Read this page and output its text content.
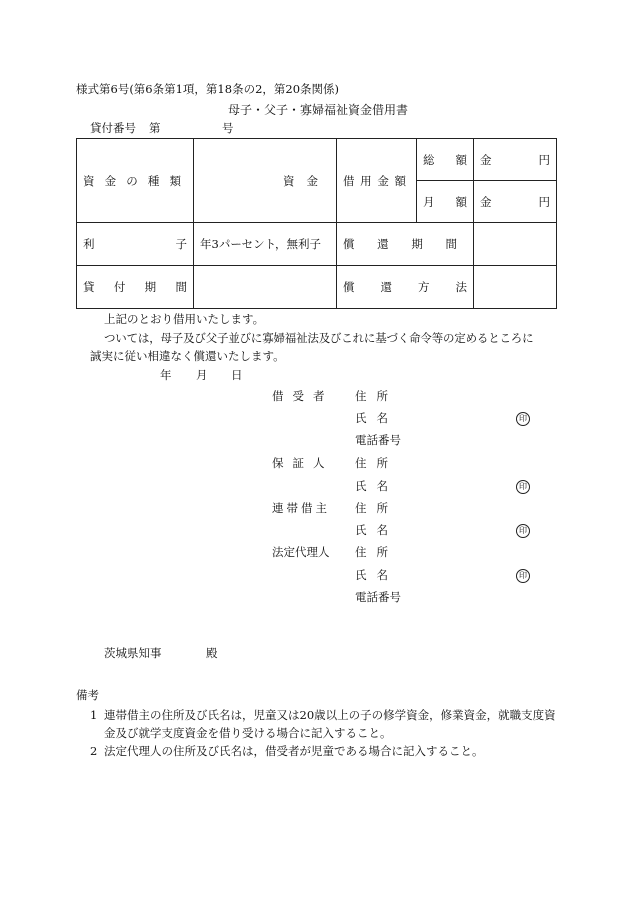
様式第6号(第6条第1項，第18条の2，第20条関係)
母子・父子・寡婦福祉資金借用書
貸付番号 第	号
資 金 の 種 類	資金	借 用 金 額	総 額	金 円

			月 額	金 円

利 子	年3パーセント，無利子	償 還 期 間		

貸 付 期 間		償 還 方 法		

上記のとおり借用いたします。
ついては，母子及び父子並びに寡婦福祉法及びこれに基づく命令等の定めるところに
誠実に従い相違なく償還いたします。
年 月 日
借受者 住所
氏名	印
電話番号
保証人 住所
氏名	印
連帯借主 住所
氏名	印
法定代理人 住所
氏名	印
電話番号
茨城県知事	殿
備考
1 連帯借主の住所及び氏名は，児童又は20歳以上の子の修学資金，修業資金，就職支度資金及び就学支度資金を借り受ける場合に記入すること。
2 法定代理人の住所及び氏名は，借受者が児童である場合に記入すること。
